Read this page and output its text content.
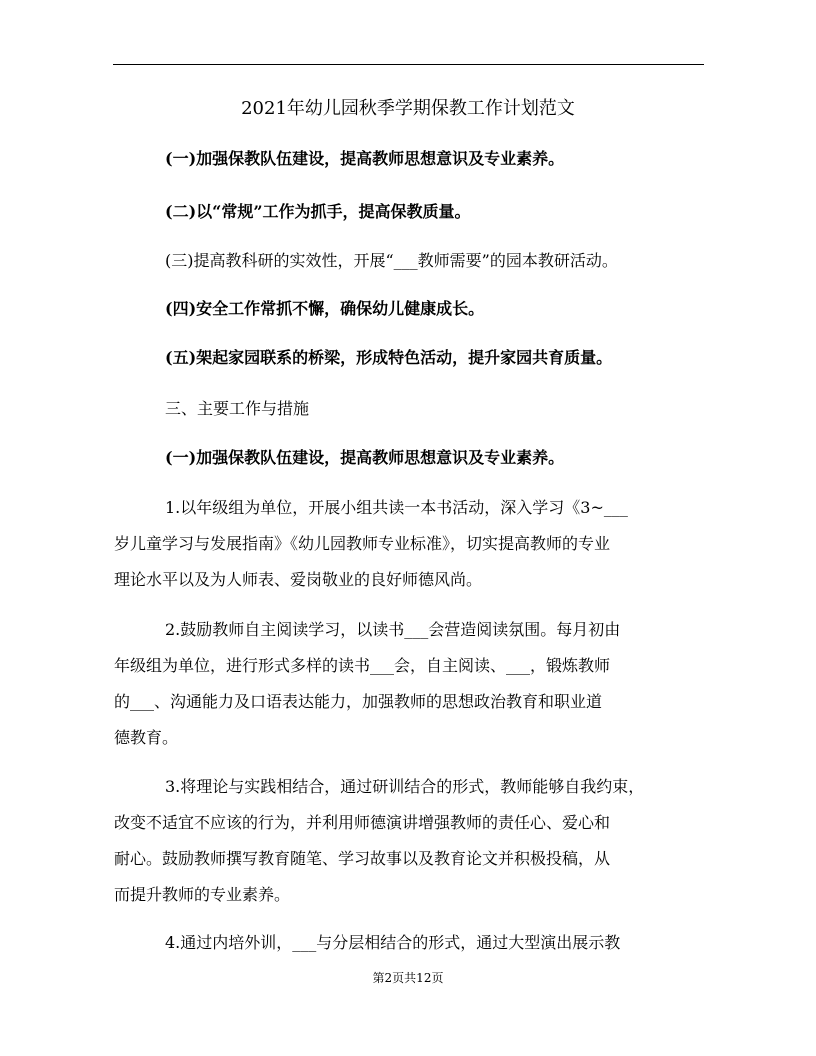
2021年幼儿园秋季学期保教工作计划范文

(一)加强保教队伍建设，提高教师思想意识及专业素养。

(二)以“常规”工作为抓手，提高保教质量。

(三)提高教科研的实效性，开展“___教师需要”的园本教研活动。

(四)安全工作常抓不懈，确保幼儿健康成长。

(五)架起家园联系的桥梁，形成特色活动，提升家园共育质量。

三、主要工作与措施

(一)加强保教队伍建设，提高教师思想意识及专业素养。

1.以年级组为单位，开展小组共读一本书活动，深入学习《3~___
岁儿童学习与发展指南》《幼儿园教师专业标准》，切实提高教师的专业
理论水平以及为人师表、爱岗敬业的良好师德风尚。
2.鼓励教师自主阅读学习，以读书___会营造阅读氛围。每月初由
年级组为单位，进行形式多样的读书___会，自主阅读、___，锻炼教师
的___、沟通能力及口语表达能力，加强教师的思想政治教育和职业道
德教育。
3.将理论与实践相结合，通过研训结合的形式，教师能够自我约束，
改变不适宜不应该的行为，并利用师德演讲增强教师的责任心、爱心和
耐心。鼓励教师撰写教育随笔、学习故事以及教育论文并积极投稿，从
而提升教师的专业素养。
4.通过内培外训，___与分层相结合的形式，通过大型演出展示教

第2页共12页
